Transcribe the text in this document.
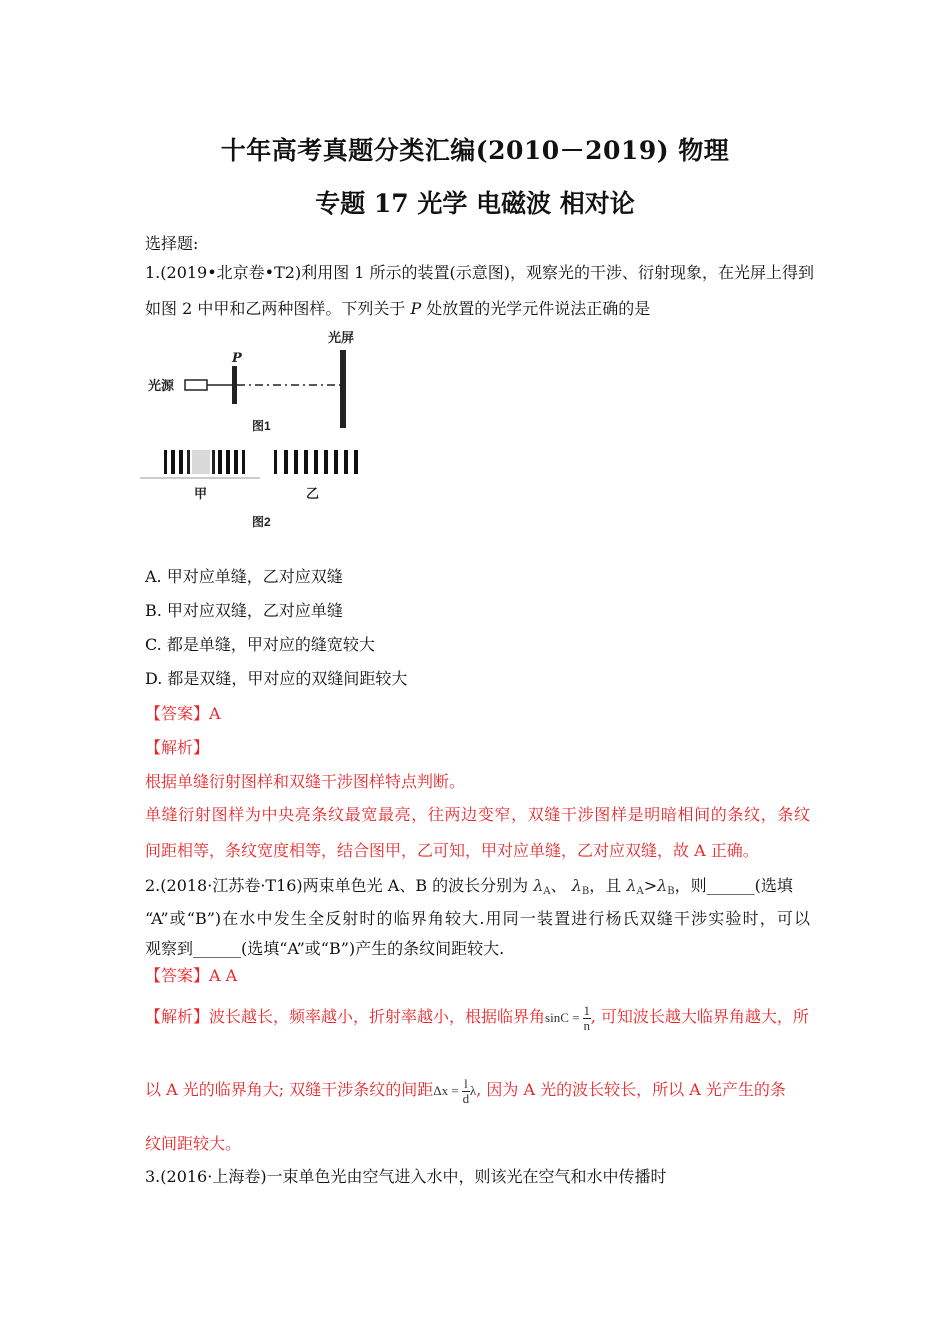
十年高考真题分类汇编(2010－2019) 物理
专题 17 光学 电磁波 相对论
选择题:
1.(2019•北京卷•T2)利用图 1 所示的装置(示意图)，观察光的干涉、衍射现象，在光屏上得到
如图 2 中甲和乙两种图样。下列关于 P 处放置的光学元件说法正确的是
光源
P
光屏
图1
甲	乙
图2
A. 甲对应单缝，乙对应双缝
B. 甲对应双缝，乙对应单缝
C. 都是单缝，甲对应的缝宽较大
D. 都是双缝，甲对应的双缝间距较大
【答案】A
【解析】
根据单缝衍射图样和双缝干涉图样特点判断。
单缝衍射图样为中央亮条纹最宽最亮，往两边变窄，双缝干涉图样是明暗相间的条纹，条纹
间距相等，条纹宽度相等，结合图甲，乙可知，甲对应单缝，乙对应双缝，故 A 正确。
2.(2018·江苏卷·T16)两束单色光 A、B 的波长分别为 $\lambda_A$、 $\lambda_B$，且 $\lambda_A>\lambda_B$，则______(选填
“A”或“B”)在水中发生全反射时的临界角较大.用同一装置进行杨氏双缝干涉实验时，可以
观察到______(选填“A”或“B”)产生的条纹间距较大.
【答案】A A
【解析】波长越长，频率越小，折射率越小，根据临界角$\sin C = \frac{1}{n}$ , 可知波长越大临界角越大，所
以 A 光的临界角大; 双缝干涉条纹的间距$\Delta x = \frac{l}{d} \lambda$, 因为 A 光的波长较长，所以 A 光产生的条
纹间距较大。
3.(2016·上海卷)一束单色光由空气进入水中，则该光在空气和水中传播时
